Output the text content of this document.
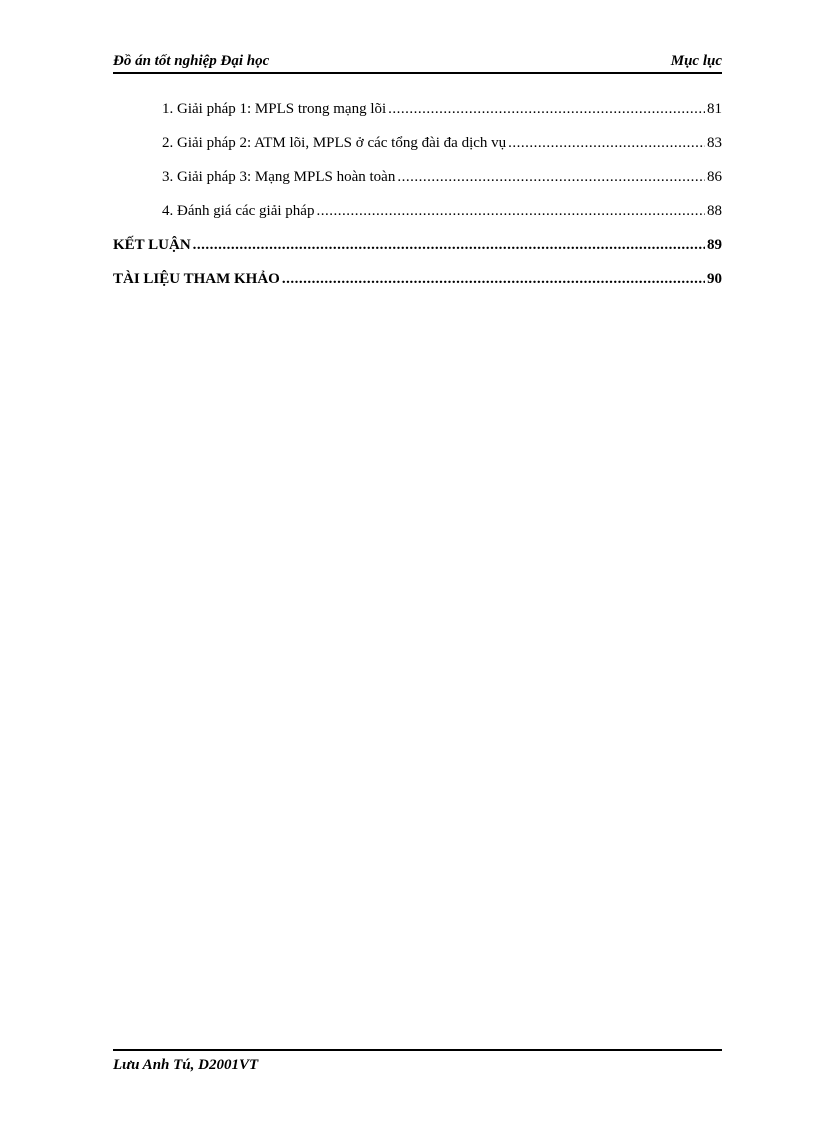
Đồ án tốt nghiệp Đại học	Mục lục
1. Giải pháp 1: MPLS trong mạng lõi .....	81
2. Giải pháp 2: ATM lõi, MPLS ở các tổng đài đa dịch vụ .....	83
3. Giải pháp 3: Mạng MPLS hoàn toàn .....	86
4. Đánh giá các giải pháp .....	88
KẾT LUẬN .....	89
TÀI LIỆU THAM KHẢO .....	90
Lưu Anh Tú, D2001VT
